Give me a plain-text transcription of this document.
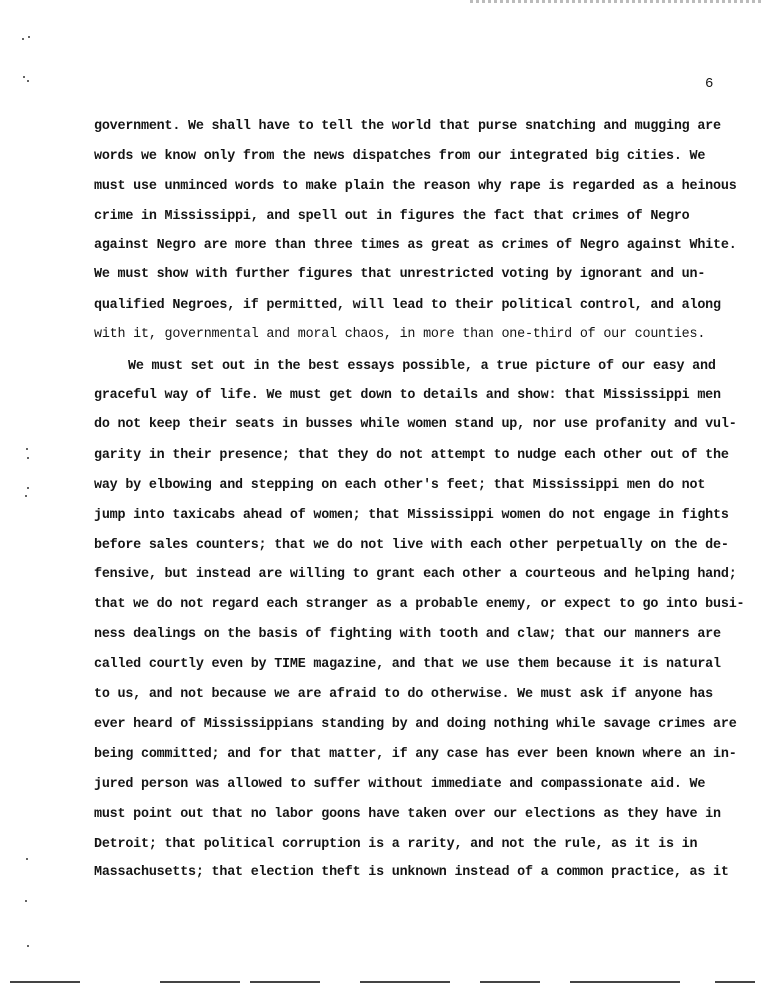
6
government. We shall have to tell the world that purse snatching and mugging are
words we know only from the news dispatches from our integrated big cities. We
must use unminced words to make plain the reason why rape is regarded as a heinous
crime in Mississippi, and spell out in figures the fact that crimes of Negro
against Negro are more than three times as great as crimes of Negro against White.
We must show with further figures that unrestricted voting by ignorant and un-
qualified Negroes, if permitted, will lead to their political control, and along
with it, governmental and moral chaos, in more than one-third of our counties.
We must set out in the best essays possible, a true picture of our easy and
graceful way of life. We must get down to details and show: that Mississippi men
do not keep their seats in busses while women stand up, nor use profanity and vul-
garity in their presence; that they do not attempt to nudge each other out of the
way by elbowing and stepping on each other's feet; that Mississippi men do not
jump into taxicabs ahead of women; that Mississippi women do not engage in fights
before sales counters; that we do not live with each other perpetually on the de-
fensive, but instead are willing to grant each other a courteous and helping hand;
that we do not regard each stranger as a probable enemy, or expect to go into busi-
ness dealings on the basis of fighting with tooth and claw; that our manners are
called courtly even by TIME magazine, and that we use them because it is natural
to us, and not because we are afraid to do otherwise. We must ask if anyone has
ever heard of Mississippians standing by and doing nothing while savage crimes are
being committed; and for that matter, if any case has ever been known where an in-
jured person was allowed to suffer without immediate and compassionate aid. We
must point out that no labor goons have taken over our elections as they have in
Detroit; that political corruption is a rarity, and not the rule, as it is in
Massachusetts; that election theft is unknown instead of a common practice, as it
